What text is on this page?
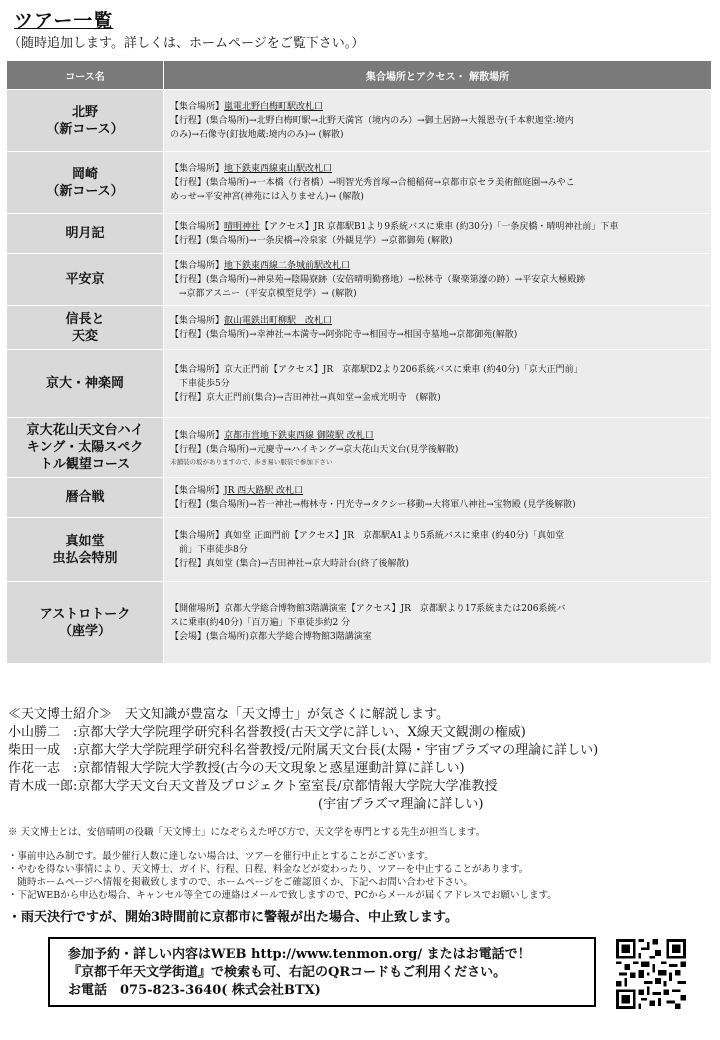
ツアー一覧
（随時追加します。詳しくは、ホームページをご覧下さい。）
コース名	集合場所とアクセス・ 解散場所
北野
（新コース）	【集合場所】嵐電北野白梅町駅改札口
【行程】(集合場所)→北野白梅町駅→北野天満宮（境内のみ）→御土居跡→大報恩寺(千本釈迦堂:境内
のみ)→石像寺(釘抜地蔵:境内のみ)→ (解散)

岡崎
（新コース）	【集合場所】地下鉄東西線東山駅改札口
【行程】(集合場所)→一本橋（行者橋）→明智光秀首塚→合槌稲荷→京都市京セラ美術館庭園→みやこ
めっせ→平安神宮(神苑には入りません)→ (解散)

明月記	【集合場所】晴明神社【アクセス】JR 京都駅B1より9系統バスに乗車 (約30分)「一条戻橋・晴明神社前」下車
【行程】(集合場所)→一条戻橋→冷泉家（外観見学）→京都御苑 (解散)

平安京	【集合場所】地下鉄東西線二条城前駅改札口
【行程】(集合場所)→神泉苑→陰陽寮跡（安倍晴明勤務地）→松林寺（聚楽第濠の跡）→平安京大極殿跡
　→京都アスニー（平安京模型見学）→ (解散)

信長と
天変	【集合場所】叡山電鉄出町柳駅　改札口
【行程】(集合場所)→幸神社→本満寺→阿弥陀寺→相国寺→相国寺墓地→京都御苑(解散)

京大・神楽岡	【集合場所】京大正門前【アクセス】JR　京都駅D2より206系統バスに乗車 (約40分)「京大正門前」
　下車徒歩5分
【行程】京大正門前(集合)→吉田神社→真如堂→金戒光明寺　(解散)

京大花山天文台ハイ
キング・太陽スペク
トル観望コース	【集合場所】京都市営地下鉄東西線 御陵駅 改札口
【行程】(集合場所)→元慶寺→ハイキング→京大花山天文台(見学後解散)
未舗装の坂がありますので、歩き易い服装で参加下さい

暦合戦	【集合場所】JR 西大路駅 改札口
【行程】(集合場所)→若一神社→梅林寺・円光寺→タクシー移動→大将軍八神社→宝物殿 (見学後解散)

真如堂
虫払会特別	【集合場所】真如堂 正面門前【アクセス】JR　京都駅A1より5系統バスに乗車 (約40分)「真如堂
　前」下車徒歩8分
【行程】真如堂 (集合)→吉田神社→京大時計台(終了後解散)

アストロトーク
（座学）	【開催場所】京都大学総合博物館3階講演室【アクセス】JR　京都駅より17系統または206系統バ
スに乗車(約40分)「百万遍」下車徒歩約2 分
【会場】(集合場所)京都大学総合博物館3階講演室
≪天文博士紹介≫　天文知識が豊富な「天文博士」が気さくに解説します。
小山勝二　:京都大学大学院理学研究科名誉教授(古天文学に詳しい、X線天文観測の権威)
柴田一成　:京都大学大学院理学研究科名誉教授/元附属天文台長(太陽・宇宙プラズマの理論に詳しい)
作花一志　:京都情報大学院大学教授(古今の天文現象と惑星運動計算に詳しい)
青木成一郎:京都大学天文台天文普及プロジェクト室室長/京都情報大学院大学准教授
(宇宙プラズマ理論に詳しい)
※ 天文博士とは、安倍晴明の役職「天文博士」になぞらえた呼び方で、天文学を専門とする先生が担当します。
・事前申込み制です。最少催行人数に達しない場合は、ツアーを催行中止とすることがございます。
・やむを得ない事情により、天文博士、ガイド、行程、日程、料金などが変わったり、ツアーを中止することがあります。
　随時ホームページへ情報を掲載致しますので、ホームページをご確認頂くか、下記へお問い合わせ下さい。
・下記WEBから申込む場合、キャンセル等全ての連絡はメールで致しますので、PCからメールが届くアドレスでお願いします。
・雨天決行ですが、開始3時間前に京都市に警報が出た場合、中止致します。
参加予約・詳しい内容はWEB http://www.tenmon.org/ またはお電話で！
『京都千年天文学街道』で検索も可、右記のQRコードもご利用ください。
お電話　075-823-3640( 株式会社BTX)
